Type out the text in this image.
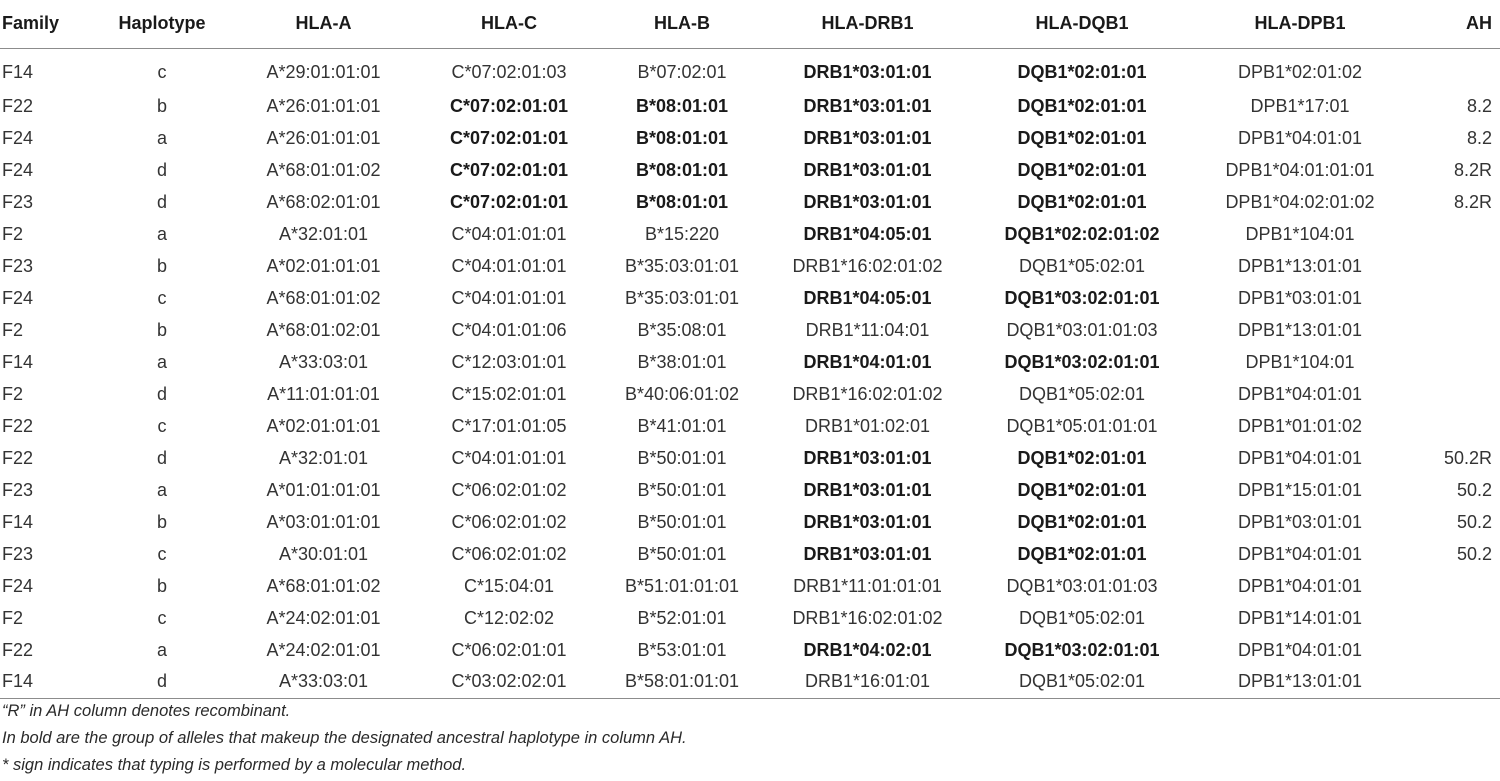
Family	Haplotype	HLA-A	HLA-C	HLA-B	HLA-DRB1	HLA-DQB1	HLA-DPB1	AH
F14	c	A*29:01:01:01	C*07:02:01:03	B*07:02:01	DRB1*03:01:01	DQB1*02:01:01	DPB1*02:01:02	
F22	b	A*26:01:01:01	C*07:02:01:01	B*08:01:01	DRB1*03:01:01	DQB1*02:01:01	DPB1*17:01	8.2
F24	a	A*26:01:01:01	C*07:02:01:01	B*08:01:01	DRB1*03:01:01	DQB1*02:01:01	DPB1*04:01:01	8.2
F24	d	A*68:01:01:02	C*07:02:01:01	B*08:01:01	DRB1*03:01:01	DQB1*02:01:01	DPB1*04:01:01:01	8.2R
F23	d	A*68:02:01:01	C*07:02:01:01	B*08:01:01	DRB1*03:01:01	DQB1*02:01:01	DPB1*04:02:01:02	8.2R
F2	a	A*32:01:01	C*04:01:01:01	B*15:220	DRB1*04:05:01	DQB1*02:02:01:02	DPB1*104:01	
F23	b	A*02:01:01:01	C*04:01:01:01	B*35:03:01:01	DRB1*16:02:01:02	DQB1*05:02:01	DPB1*13:01:01	
F24	c	A*68:01:01:02	C*04:01:01:01	B*35:03:01:01	DRB1*04:05:01	DQB1*03:02:01:01	DPB1*03:01:01	
F2	b	A*68:01:02:01	C*04:01:01:06	B*35:08:01	DRB1*11:04:01	DQB1*03:01:01:03	DPB1*13:01:01	
F14	a	A*33:03:01	C*12:03:01:01	B*38:01:01	DRB1*04:01:01	DQB1*03:02:01:01	DPB1*104:01	
F2	d	A*11:01:01:01	C*15:02:01:01	B*40:06:01:02	DRB1*16:02:01:02	DQB1*05:02:01	DPB1*04:01:01	
F22	c	A*02:01:01:01	C*17:01:01:05	B*41:01:01	DRB1*01:02:01	DQB1*05:01:01:01	DPB1*01:01:02	
F22	d	A*32:01:01	C*04:01:01:01	B*50:01:01	DRB1*03:01:01	DQB1*02:01:01	DPB1*04:01:01	50.2R
F23	a	A*01:01:01:01	C*06:02:01:02	B*50:01:01	DRB1*03:01:01	DQB1*02:01:01	DPB1*15:01:01	50.2
F14	b	A*03:01:01:01	C*06:02:01:02	B*50:01:01	DRB1*03:01:01	DQB1*02:01:01	DPB1*03:01:01	50.2
F23	c	A*30:01:01	C*06:02:01:02	B*50:01:01	DRB1*03:01:01	DQB1*02:01:01	DPB1*04:01:01	50.2
F24	b	A*68:01:01:02	C*15:04:01	B*51:01:01:01	DRB1*11:01:01:01	DQB1*03:01:01:03	DPB1*04:01:01	
F2	c	A*24:02:01:01	C*12:02:02	B*52:01:01	DRB1*16:02:01:02	DQB1*05:02:01	DPB1*14:01:01	
F22	a	A*24:02:01:01	C*06:02:01:01	B*53:01:01	DRB1*04:02:01	DQB1*03:02:01:01	DPB1*04:01:01	
F14	d	A*33:03:01	C*03:02:02:01	B*58:01:01:01	DRB1*16:01:01	DQB1*05:02:01	DPB1*13:01:01	

“R” in AH column denotes recombinant.

In bold are the group of alleles that makeup the designated ancestral haplotype in column AH.

* sign indicates that typing is performed by a molecular method.
